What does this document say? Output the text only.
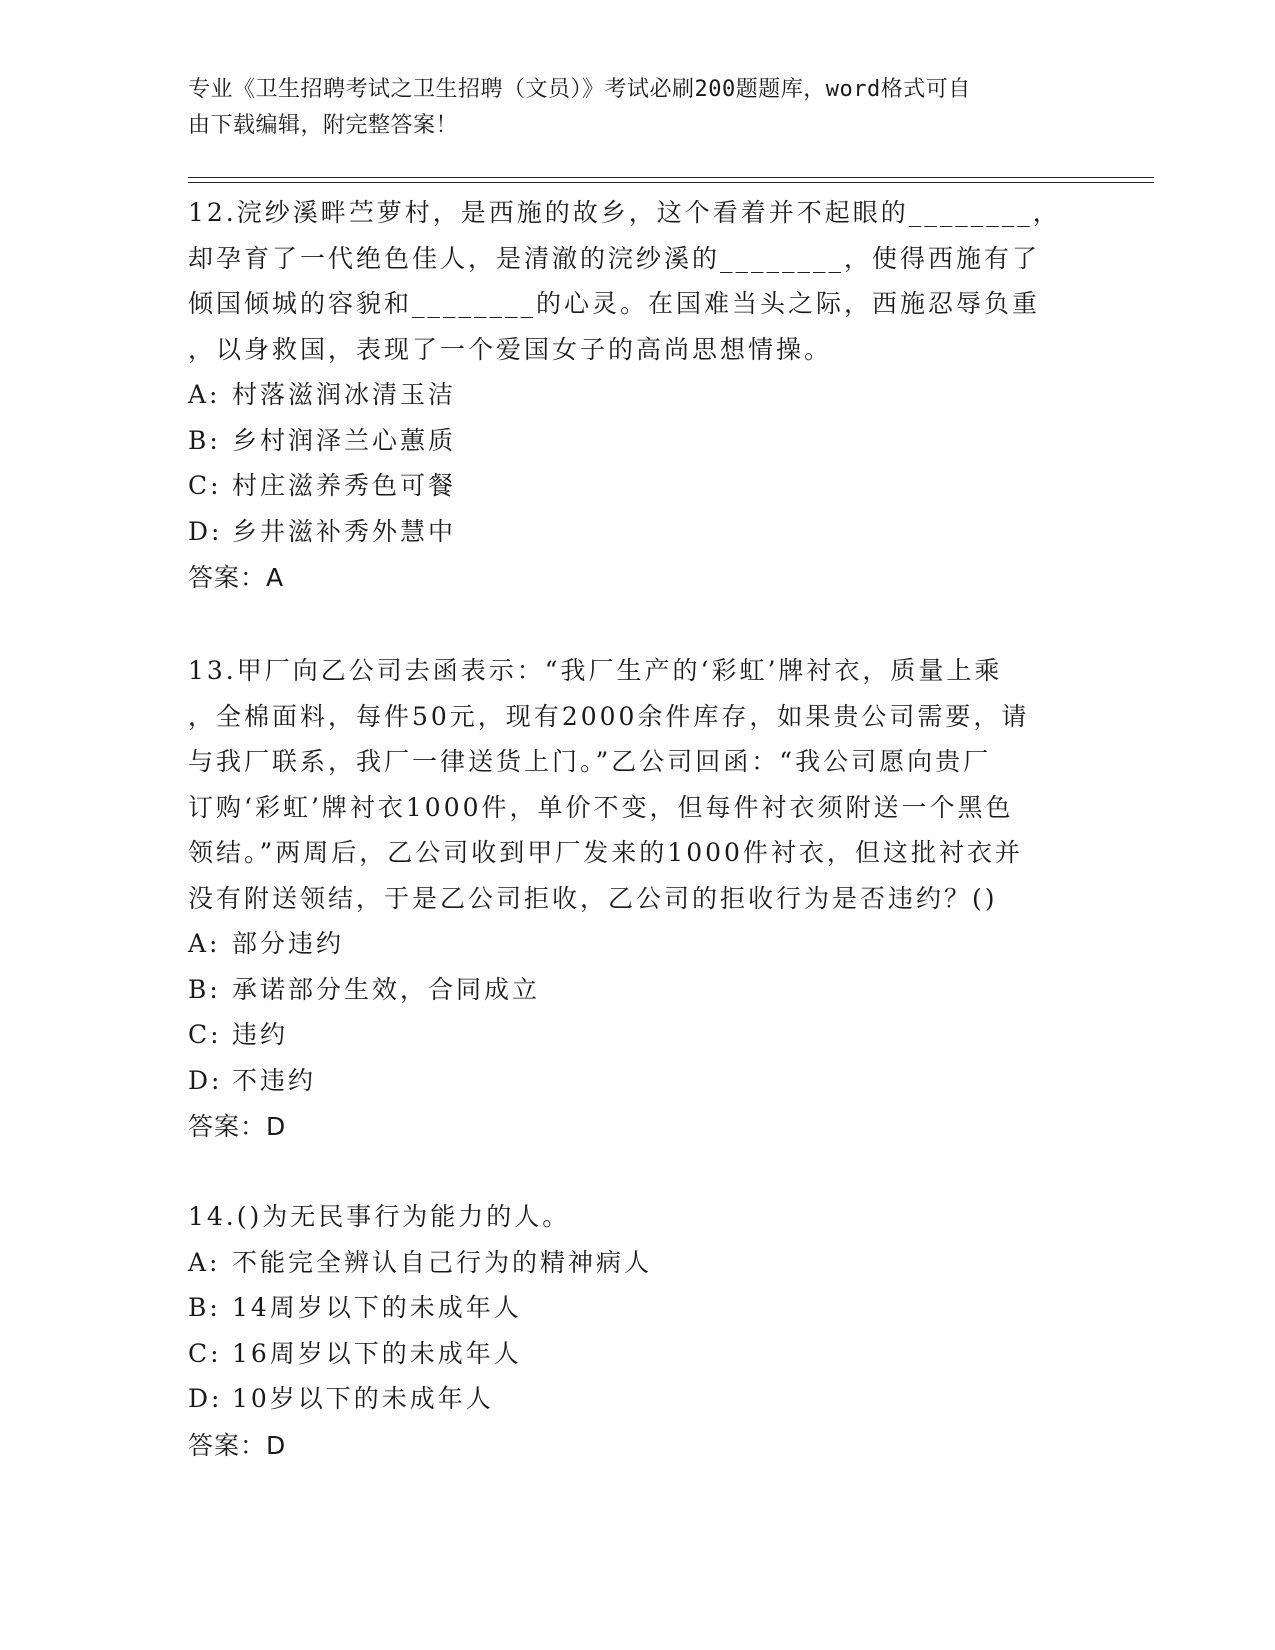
专业《卫生招聘考试之卫生招聘（文员）》考试必刷200题题库，word格式可自
由下载编辑，附完整答案！
12.浣纱溪畔苎萝村，是西施的故乡，这个看着并不起眼的________，
却孕育了一代绝色佳人，是清澈的浣纱溪的________，使得西施有了
倾国倾城的容貌和________的心灵。在国难当头之际，西施忍辱负重
，以身救国，表现了一个爱国女子的高尚思想情操。
A: 村落滋润冰清玉洁
B: 乡村润泽兰心蕙质
C: 村庄滋养秀色可餐
D: 乡井滋补秀外慧中
答案：A
13.甲厂向乙公司去函表示：“我厂生产的‘彩虹’牌衬衣，质量上乘
，全棉面料，每件50元，现有2000余件库存，如果贵公司需要，请
与我厂联系，我厂一律送货上门。”乙公司回函：“我公司愿向贵厂
订购‘彩虹’牌衬衣1000件，单价不变，但每件衬衣须附送一个黑色
领结。”两周后，乙公司收到甲厂发来的1000件衬衣，但这批衬衣并
没有附送领结，于是乙公司拒收，乙公司的拒收行为是否违约？()
A: 部分违约
B: 承诺部分生效，合同成立
C: 违约
D: 不违约
答案：D
14.()为无民事行为能力的人。
A: 不能完全辨认自己行为的精神病人
B: 14周岁以下的未成年人
C: 16周岁以下的未成年人
D: 10岁以下的未成年人
答案：D
